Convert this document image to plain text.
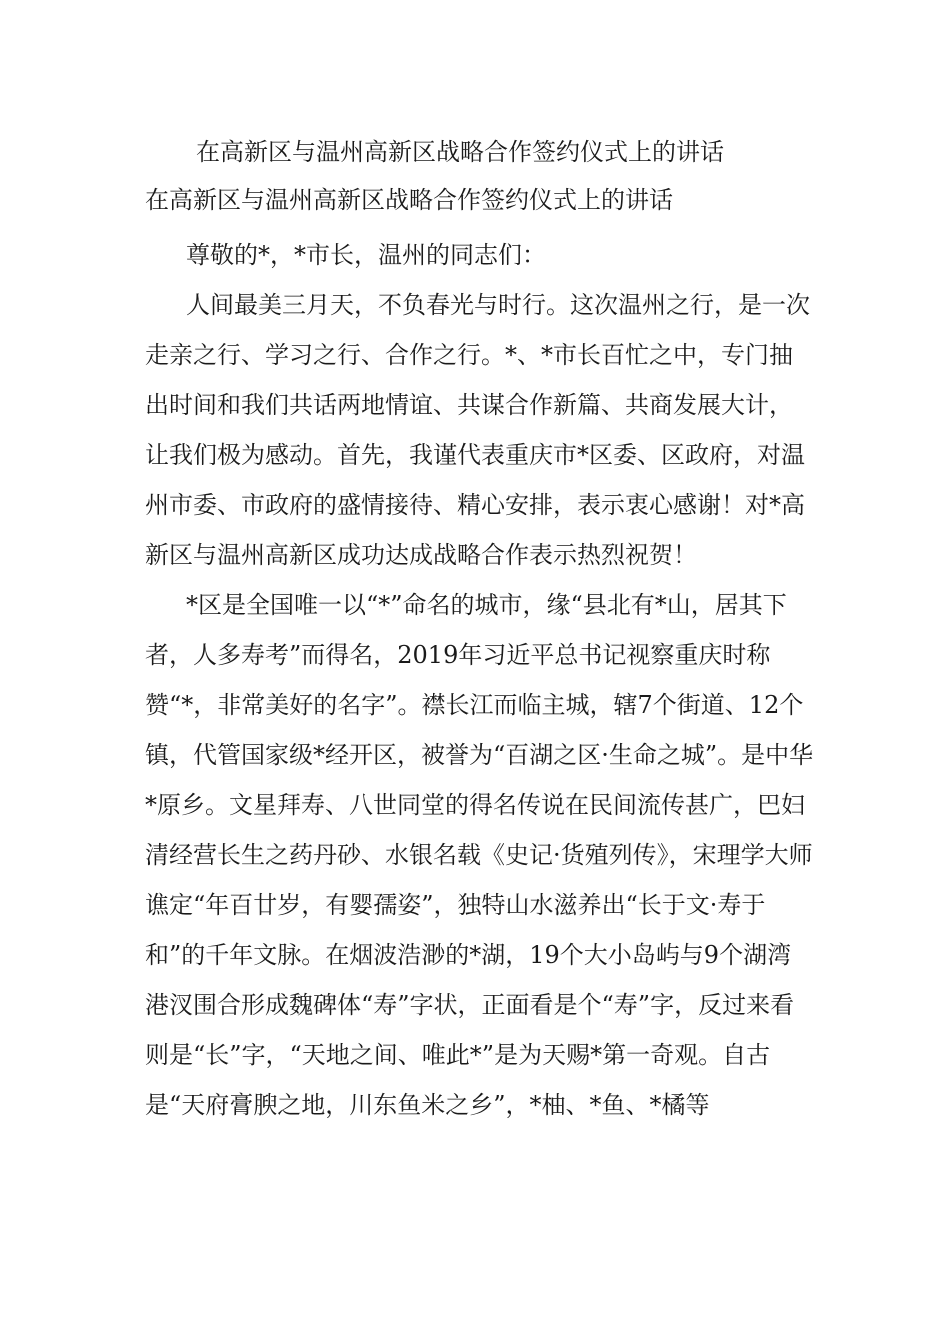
在高新区与温州高新区战略合作签约仪式上的讲话
在高新区与温州高新区战略合作签约仪式上的讲话

尊敬的*，*市长，温州的同志们：

人间最美三月天，不负春光与时行。这次温州之行，是一次走亲之行、学习之行、合作之行。*、*市长百忙之中，专门抽出时间和我们共话两地情谊、共谋合作新篇、共商发展大计，让我们极为感动。首先，我谨代表重庆市*区委、区政府，对温州市委、市政府的盛情接待、精心安排，表示衷心感谢！对*高新区与温州高新区成功达成战略合作表示热烈祝贺！

*区是全国唯一以“*”命名的城市，缘“县北有*山，居其下者，人多寿考”而得名，2019年习近平总书记视察重庆时称赞“*，非常美好的名字”。襟长江而临主城，辖7个街道、12个镇，代管国家级*经开区，被誉为“百湖之区·生命之城”。是中华*原乡。文星拜寿、八世同堂的得名传说在民间流传甚广，巴妇清经营长生之药丹砂、水银名载《史记·货殖列传》，宋理学大师谯定“年百廿岁，有婴孺姿”，独特山水滋养出“长于文·寿于和”的千年文脉。在烟波浩渺的*湖，19个大小岛屿与9个湖湾港汊围合形成魏碑体“寿”字状，正面看是个“寿”字，反过来看则是“长”字，“天地之间、唯此*”是为天赐*第一奇观。自古是“天府膏腴之地，川东鱼米之乡”，*柚、*鱼、*橘等
